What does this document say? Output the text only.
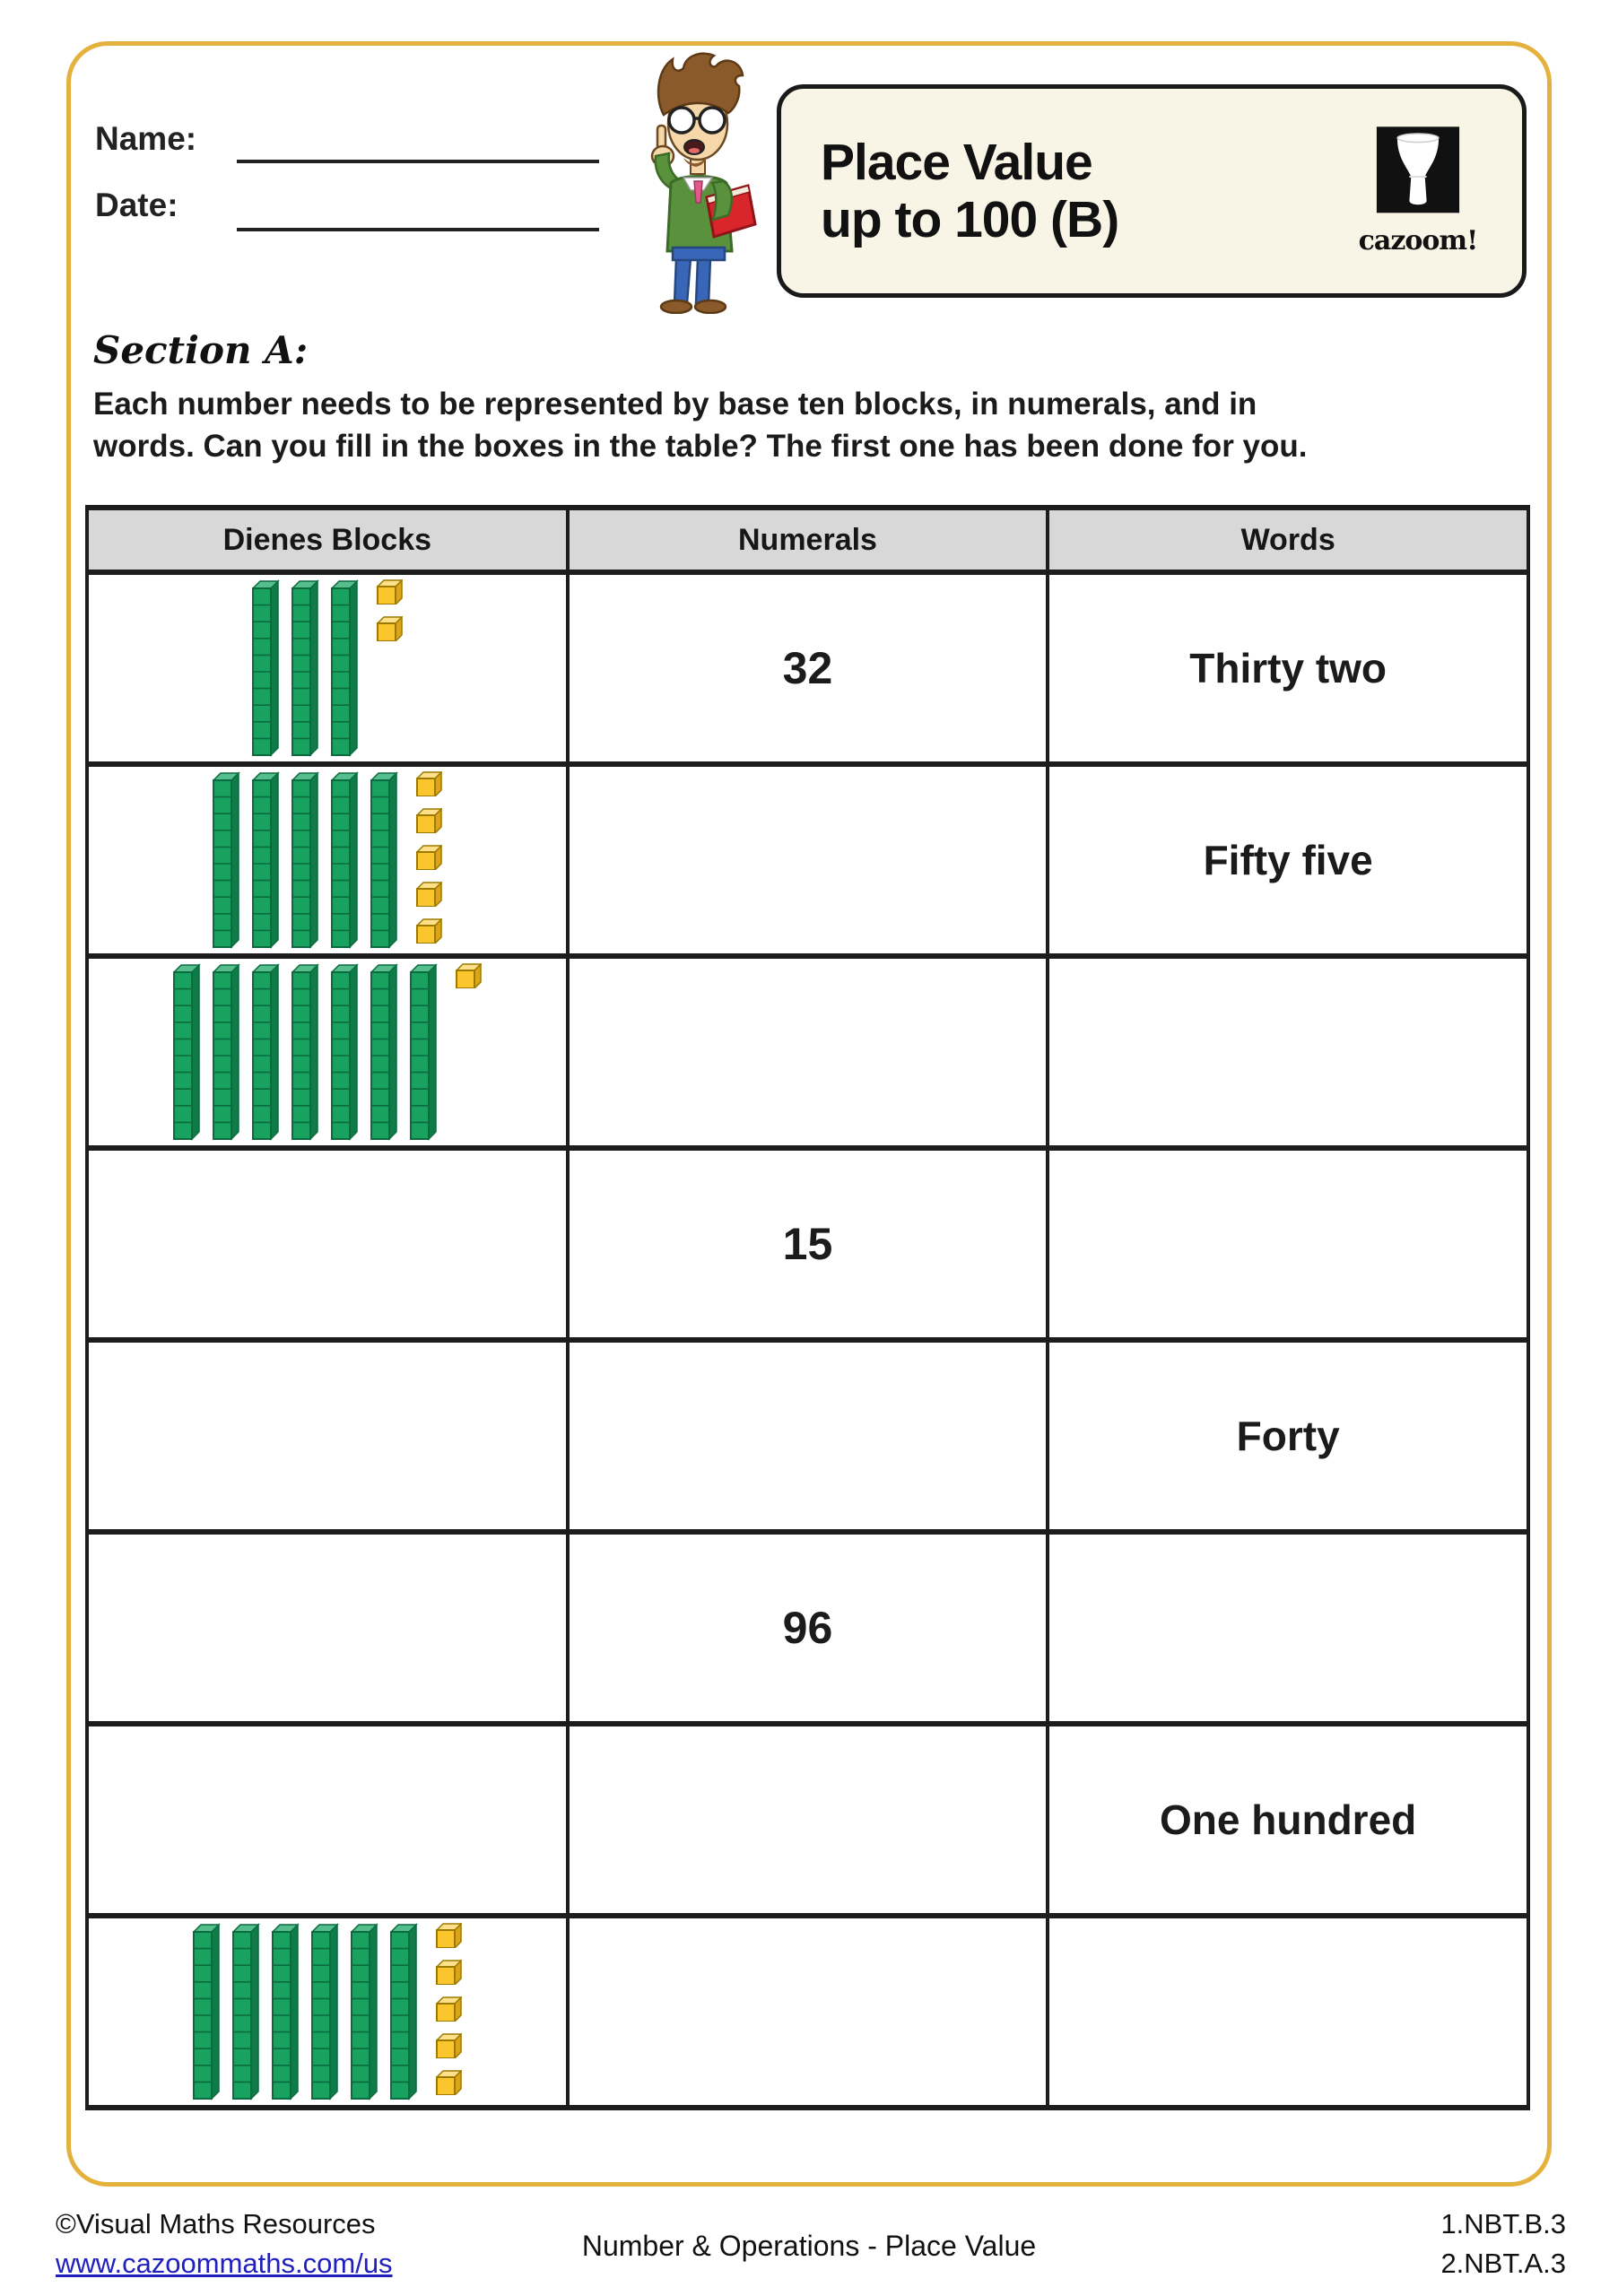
Name:
Date:
Place Value
up to 100 (B)	cazoom!
Section A:
Each number needs to be represented by base ten blocks, in numerals, and in
words. Can you fill in the boxes in the table? The first one has been done for you.
Dienes Blocks	Numerals	Words

	32	Thirty two

		Fifty five

	15	
		Forty
	96	
		One hundred

©Visual Maths Resources
www.cazoommaths.com/us
Number & Operations - Place Value
1.NBT.B.3
2.NBT.A.3
